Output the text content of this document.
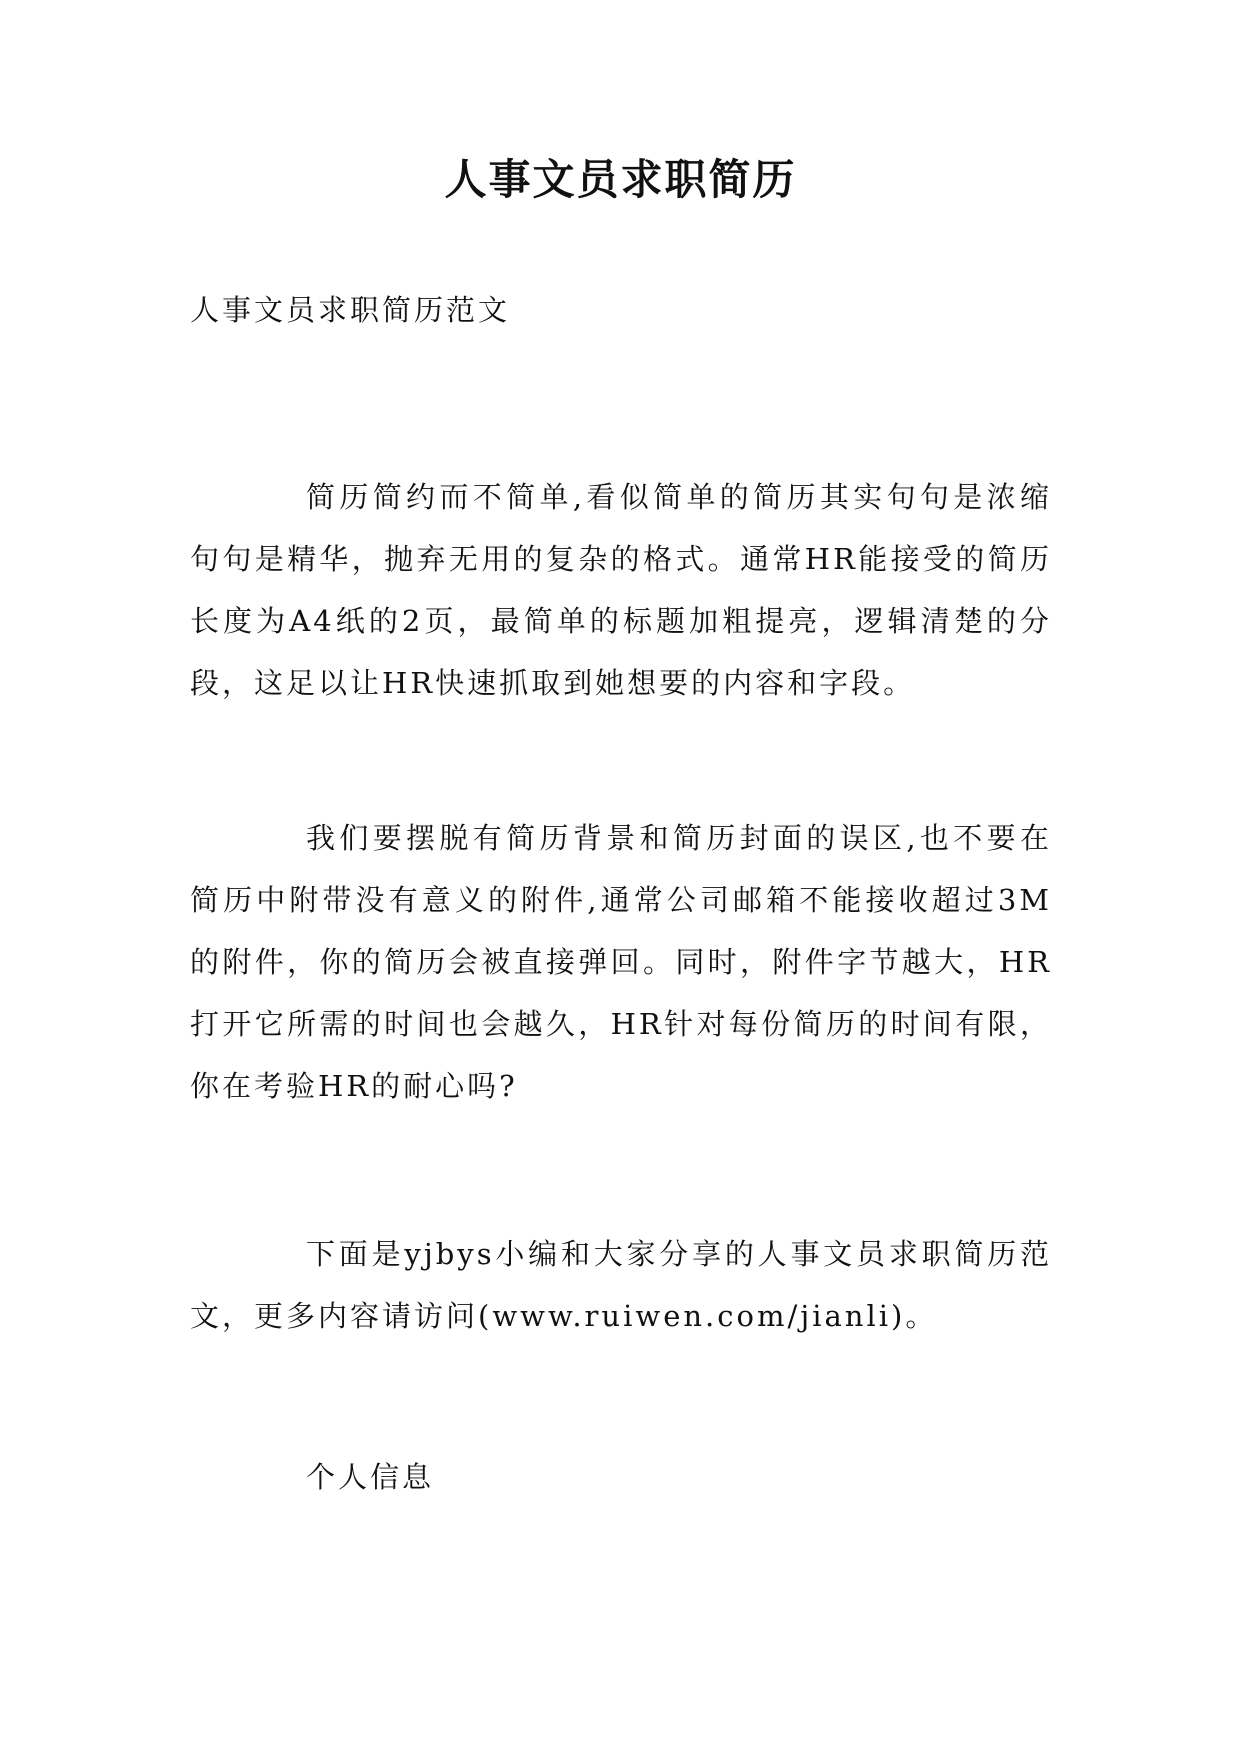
人事文员求职简历

人事文员求职简历范文

简历简约而不简单,看似简单的简历其实句句是浓缩句句是精华，抛弃无用的复杂的格式。通常HR能接受的简历长度为A4纸的2页，最简单的标题加粗提亮，逻辑清楚的分段，这足以让HR快速抓取到她想要的内容和字段。

我们要摆脱有简历背景和简历封面的误区,也不要在简历中附带没有意义的附件,通常公司邮箱不能接收超过3M的附件，你的简历会被直接弹回。同时，附件字节越大，HR打开它所需的时间也会越久，HR针对每份简历的时间有限，你在考验HR的耐心吗?

下面是yjbys小编和大家分享的人事文员求职简历范文，更多内容请访问(www.ruiwen.com/jianli)。

个人信息
